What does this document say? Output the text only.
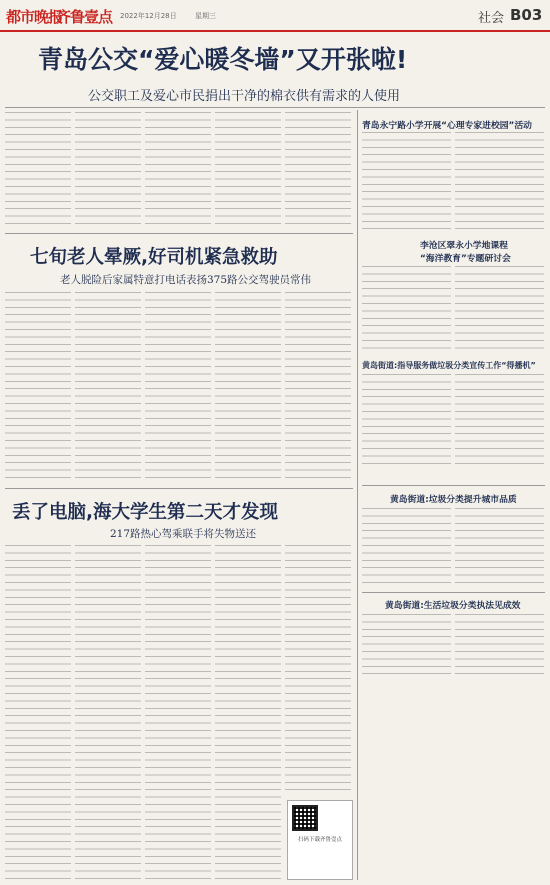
都市晚报
齐鲁壹点 2022年12月28日	星期三	社会 B03
青岛公交“爱心暖冬墙”又开张啦!
公交职工及爱心市民捐出干净的棉衣供有需求的人使用
七旬老人晕厥,好司机紧急救助
老人脱险后家属特意打电话表扬375路公交驾驶员常伟
丢了电脑,海大学生第二天才发现
217路热心驾乘联手将失物送还
扫码下载齐鲁壹点
青岛永宁路小学开展“心理专家进校园”活动
李沧区翠永小学地课程
“海洋教育”专题研讨会
黄岛街道:指导服务做垃圾分类宣传工作“得播机”
黄岛街道:垃圾分类提升城市品质
黄岛街道:生活垃圾分类执法见成效
